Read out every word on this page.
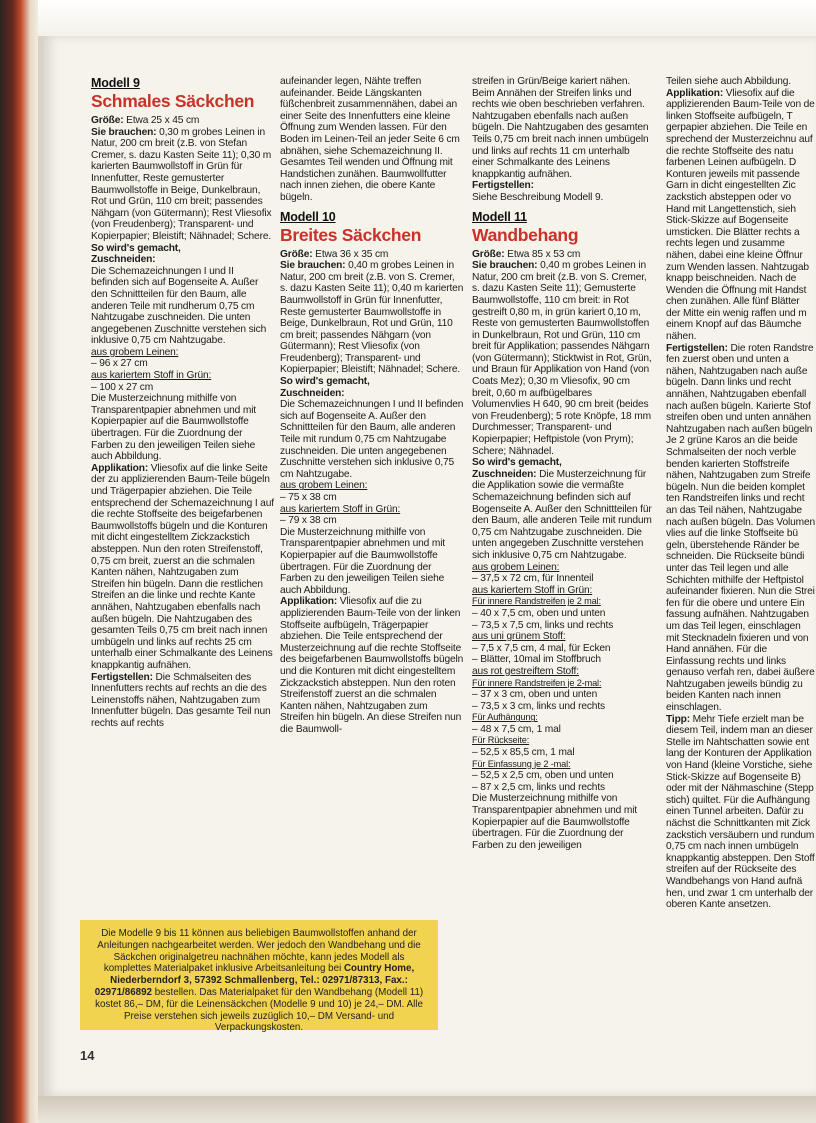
Modell 9
Schmales Säckchen

Größe: Etwa 25 x 45 cm

Sie brauchen: 0,30 m grobes Leinen in Natur, 200 cm breit (z.B. von Stefan Cremer, s. dazu Kasten Seite 11); 0,30 m karierten Baumwollstoff in Grün für Innenfutter, Reste gemusterter Baumwollstoffe in Beige, Dunkelbraun, Rot und Grün, 110 cm breit; passendes Nähgarn (von Gütermann); Rest Vliesofix (von Freudenberg); Transparent- und Kopierpapier; Bleistift; Nähnadel; Schere.

So wird's gemacht,

Zuschneiden:

Die Schemazeichnungen I und II befinden sich auf Bogenseite A. Außer den Schnittteilen für den Baum, alle anderen Teile mit rundherum 0,75 cm Nahtzugabe zuschneiden. Die unten angegebenen Zuschnitte verstehen sich inklusive 0,75 cm Nahtzugabe.

aus grobem Leinen:

– 96 x 27 cm

aus kariertem Stoff in Grün:

– 100 x 27 cm

Die Musterzeichnung mithilfe von Transparentpapier abnehmen und mit Kopierpapier auf die Baumwollstoffe übertragen. Für die Zuordnung der Farben zu den jeweiligen Teilen siehe auch Abbildung.

Applikation: Vliesofix auf die linke Seite der zu applizierenden Baum-Teile bügeln und Trägerpapier abziehen. Die Teile entsprechend der Schemazeichnung I auf die rechte Stoffseite des beigefarbenen Baumwollstoffs bügeln und die Konturen mit dicht eingestelltem Zickzackstich absteppen. Nun den roten Streifenstoff, 0,75 cm breit, zuerst an die schmalen Kanten nähen, Nahtzugaben zum Streifen hin bügeln. Dann die restlichen Streifen an die linke und rechte Kante annähen, Nahtzugaben ebenfalls nach außen bügeln. Die Nahtzugaben des gesamten Teils 0,75 cm breit nach innen umbügeln und links auf rechts 25 cm unterhalb einer Schmalkante des Leinens knappkantig aufnähen.

Fertigstellen: Die Schmalseiten des Innenfutters rechts auf rechts an die des Leinenstoffs nähen, Nahtzugaben zum Innenfutter bügeln. Das gesamte Teil nun rechts auf rechts

aufeinander legen, Nähte treffen aufeinander. Beide Längskanten füßchenbreit zusammennähen, dabei an einer Seite des Innenfutters eine kleine Öffnung zum Wenden lassen. Für den Boden im Leinen-Teil an jeder Seite 6 cm abnähen, siehe Schemazeichnung II. Gesamtes Teil wenden und Öffnung mit Handstichen zunähen. Baumwollfutter nach innen ziehen, die obere Kante bügeln.

Modell 10
Breites Säckchen

Größe: Etwa 36 x 35 cm

Sie brauchen: 0,40 m grobes Leinen in Natur, 200 cm breit (z.B. von S. Cremer, s. dazu Kasten Seite 11); 0,40 m karierten Baumwollstoff in Grün für Innenfutter, Reste gemusterter Baumwollstoffe in Beige, Dunkelbraun, Rot und Grün, 110 cm breit; passendes Nähgarn (von Gütermann); Rest Vliesofix (von Freudenberg); Transparent- und Kopierpapier; Bleistift; Nähnadel; Schere.

So wird's gemacht,

Zuschneiden:

Die Schemazeichnungen I und II befinden sich auf Bogenseite A. Außer den Schnittteilen für den Baum, alle anderen Teile mit rundum 0,75 cm Nahtzugabe zuschneiden. Die unten angegebenen Zuschnitte verstehen sich inklusive 0,75 cm Nahtzugabe.

aus grobem Leinen:

– 75 x 38 cm

aus kariertem Stoff in Grün:

– 79 x 38 cm

Die Musterzeichnung mithilfe von Transparentpapier abnehmen und mit Kopierpapier auf die Baumwollstoffe übertragen. Für die Zuordnung der Farben zu den jeweiligen Teilen siehe auch Abbildung.

Applikation: Vliesofix auf die zu applizierenden Baum-Teile von der linken Stoffseite aufbügeln, Trägerpapier abziehen. Die Teile entsprechend der Musterzeichnung auf die rechte Stoffseite des beigefarbenen Baumwollstoffs bügeln und die Konturen mit dicht eingestelltem Zickzackstich absteppen. Nun den roten Streifenstoff zuerst an die schmalen Kanten nähen, Nahtzugaben zum Streifen hin bügeln. An diese Streifen nun die Baumwoll-

streifen in Grün/Beige kariert nähen. Beim Annähen der Streifen links und rechts wie oben beschrieben verfahren. Nahtzugaben ebenfalls nach außen bügeln. Die Nahtzugaben des gesamten Teils 0,75 cm breit nach innen umbügeln und links auf rechts 11 cm unterhalb einer Schmalkante des Leinens knappkantig aufnähen.

Fertigstellen:

Siehe Beschreibung Modell 9.

Modell 11
Wandbehang

Größe: Etwa 85 x 53 cm

Sie brauchen: 0,40 m grobes Leinen in Natur, 200 cm breit (z.B. von S. Cremer, s. dazu Kasten Seite 11); Gemusterte Baumwollstoffe, 110 cm breit: in Rot gestreift 0,80 m, in grün kariert 0,10 m, Reste von gemusterten Baumwollstoffen in Dunkelbraun, Rot und Grün, 110 cm breit für Applikation; passendes Nähgarn (von Gütermann); Sticktwist in Rot, Grün, und Braun für Applikation von Hand (von Coats Mez); 0,30 m Vliesofix, 90 cm breit, 0,60 m aufbügelbares Volumenvlies H 640, 90 cm breit (beides von Freudenberg); 5 rote Knöpfe, 18 mm Durchmesser; Transparent- und Kopierpapier; Heftpistole (von Prym); Schere; Nähnadel.

So wird's gemacht,

Zuschneiden: Die Musterzeichnung für die Applikation sowie die vermaßte Schemazeichnung befinden sich auf Bogenseite A. Außer den Schnittteilen für den Baum, alle anderen Teile mit rundum 0,75 cm Nahtzugabe zuschneiden. Die unten angegeben Zuschnitte verstehen sich inklusive 0,75 cm Nahtzugabe.

aus grobem Leinen:

– 37,5 x 72 cm, für Innenteil

aus kariertem Stoff in Grün:

Für innere Randstreifen je 2 mal:

– 40 x 7,5 cm, oben und unten

– 73,5 x 7,5 cm, links und rechts

aus uni grünem Stoff:

– 7,5 x 7,5 cm, 4 mal, für Ecken

– Blätter, 10mal im Stoffbruch

aus rot gestreiftem Stoff:

Für innere Randstreifen je 2-mal:

– 37 x 3 cm, oben und unten

– 73,5 x 3 cm, links und rechts

Für Aufhängung:

– 48 x 7,5 cm, 1 mal

Für Rückseite:

– 52,5 x 85,5 cm, 1 mal

Für Einfassung je 2 -mal:

– 52,5 x 2,5 cm, oben und unten

– 87 x 2,5 cm, links und rechts

Die Musterzeichnung mithilfe von Transparentpapier abnehmen und mit Kopierpapier auf die Baumwollstoffe übertragen. Für die Zuordnung der Farben zu den jeweiligen

Teilen siehe auch Abbildung.

Applikation: Vliesofix auf die applizierenden Baum-Teile von de linken Stoffseite aufbügeln, T gerpapier abziehen. Die Teile en sprechend der Musterzeichnu auf die rechte Stoffseite des natu farbenen Leinen aufbügeln. D Konturen jeweils mit passende Garn in dicht eingestellten Zic zackstich absteppen oder vo Hand mit Langettenstich, sieh Stick-Skizze auf Bogenseite umsticken. Die Blätter rechts a rechts legen und zusamme nähen, dabei eine kleine Öffnur zum Wenden lassen. Nahtzugab knapp beischneiden. Nach de Wenden die Öffnung mit Handst chen zunähen. Alle fünf Blätter der Mitte ein wenig raffen und m einem Knopf auf das Bäumche nähen.

Fertigstellen: Die roten Randstre fen zuerst oben und unten a nähen, Nahtzugaben nach auße bügeln. Dann links und recht annähen, Nahtzugaben ebenfall nach außen bügeln. Karierte Stof streifen oben und unten annähen Nahtzugaben nach außen bügeln Je 2 grüne Karos an die beide Schmalseiten der noch verble benden karierten Stoffstreife nähen, Nahtzugaben zum Streife bügeln. Nun die beiden komplet ten Randstreifen links und recht an das Teil nähen, Nahtzugabe nach außen bügeln. Das Volumen vlies auf die linke Stoffseite bü geln, überstehende Ränder be schneiden. Die Rückseite bündi unter das Teil legen und alle Schichten mithilfe der Heftpistol aufeinander fixieren. Nun die Strei fen für die obere und untere Ein fassung aufnähen. Nahtzugaben um das Teil legen, einschlagen mit Stecknadeln fixieren und von Hand annähen. Für die Einfassung rechts und links genauso verfah ren, dabei äußere Nahtzugaben jeweils bündig zu beiden Kanten nach innen einschlagen.

Tipp: Mehr Tiefe erzielt man be diesem Teil, indem man an dieser Stelle im Nahtschatten sowie ent lang der Konturen der Applikation von Hand (kleine Vorstiche, siehe Stick-Skizze auf Bogenseite B) oder mit der Nähmaschine (Stepp stich) quiltet. Für die Aufhängung einen Tunnel arbeiten. Dafür zu nächst die Schnittkanten mit Zick zackstich versäubern und rundum 0,75 cm nach innen umbügeln knappkantig absteppen. Den Stoff streifen auf der Rückseite des Wandbehangs von Hand aufnä hen, und zwar 1 cm unterhalb der oberen Kante ansetzen.

Die Modelle 9 bis 11 können aus beliebigen Baumwollstoffen anhand der Anleitungen nachgearbeitet werden. Wer jedoch den Wandbehang und die Säckchen originalgetreu nachnähen möchte, kann jedes Modell als komplettes Materialpaket inklusive Arbeitsanleitung bei Country Home, Niederberndorf 3, 57392 Schmallenberg, Tel.: 02971/87313, Fax.: 02971/86892 bestellen. Das Materialpaket für den Wandbehang (Modell 11) kostet 86,– DM, für die Leinensäckchen (Modelle 9 und 10) je 24,– DM. Alle Preise verstehen sich jeweils zuzüglich 10,– DM Versand- und Verpackungskosten.
14
